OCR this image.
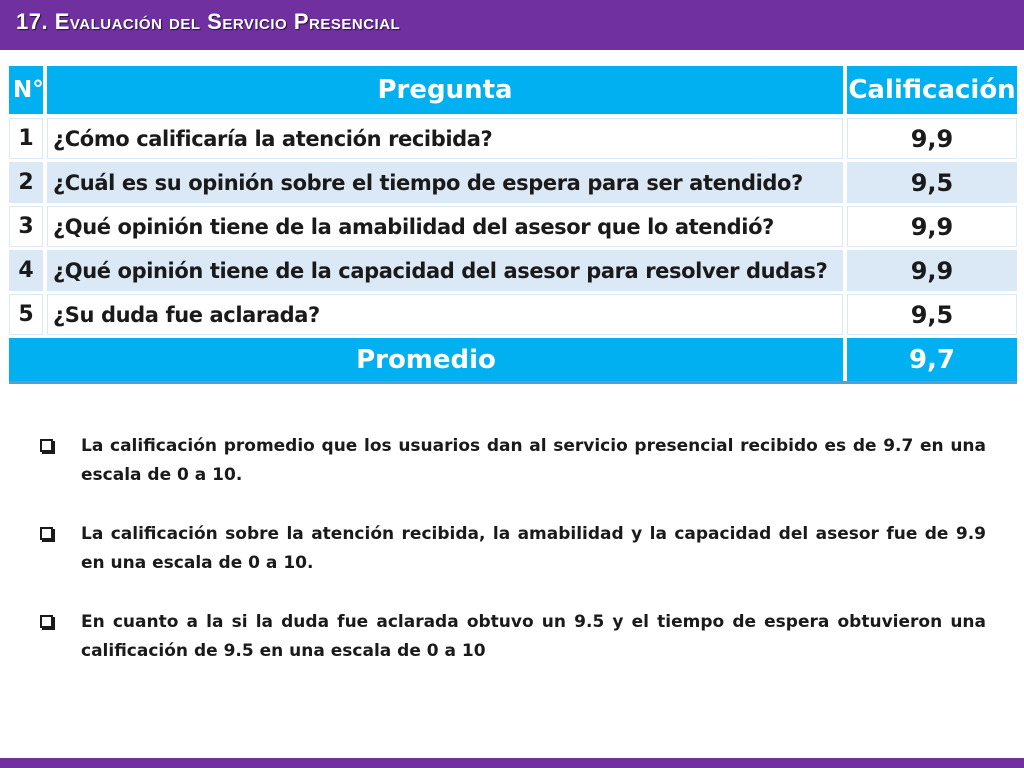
17. Evaluación del Servicio Presencial
N°	Pregunta	Calificación
1	¿Cómo calificaría la atención recibida?	9,9
2	¿Cuál es su opinión sobre el tiempo de espera para ser atendido?	9,5
3	¿Qué opinión tiene de la amabilidad del asesor que lo atendió?	9,9
4	¿Qué opinión tiene de la capacidad del asesor para resolver dudas?	9,9
5	¿Su duda fue aclarada?	9,5
Promedio		9,7
La calificación promedio que los usuarios dan al servicio presencial recibido es de 9.7 en una escala de 0 a 10.
La calificación sobre la atención recibida, la amabilidad y la capacidad del asesor fue de 9.9 en una escala de 0 a 10.
En cuanto a la si la duda fue aclarada obtuvo un 9.5 y el tiempo de espera obtuvieron una calificación de 9.5 en una escala de 0 a 10
